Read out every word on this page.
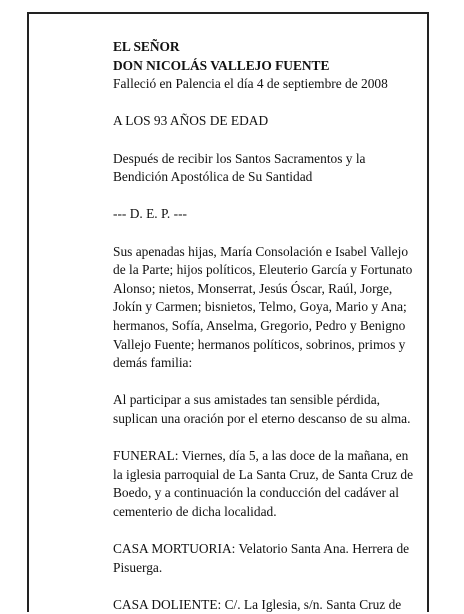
EL SEÑOR

DON NICOLÁS VALLEJO FUENTE

Falleció en Palencia el día 4 de septiembre de 2008

A LOS 93 AÑOS DE EDAD

Después de recibir los Santos Sacramentos y la Bendición Apostólica de Su Santidad

--- D. E. P. ---

Sus apenadas hijas, María Consolación e Isabel Vallejo de la Parte; hijos políticos, Eleuterio García y Fortunato Alonso; nietos, Monserrat, Jesús Óscar, Raúl, Jorge, Jokín y Carmen; bisnietos, Telmo, Goya, Mario y Ana; hermanos, Sofía, Anselma, Gregorio, Pedro y Benigno Vallejo Fuente; hermanos políticos, sobrinos, primos y demás familia:

Al participar a sus amistades tan sensible pérdida, suplican una oración por el eterno descanso de su alma.

FUNERAL: Viernes, día 5, a las doce de la mañana, en la iglesia parroquial de La Santa Cruz, de Santa Cruz de Boedo, y a continuación la conducción del cadáver al cementerio de dicha localidad.

CASA MORTUORIA: Velatorio Santa Ana. Herrera de Pisuerga.

CASA DOLIENTE: C/. La Iglesia, s/n. Santa Cruz de
